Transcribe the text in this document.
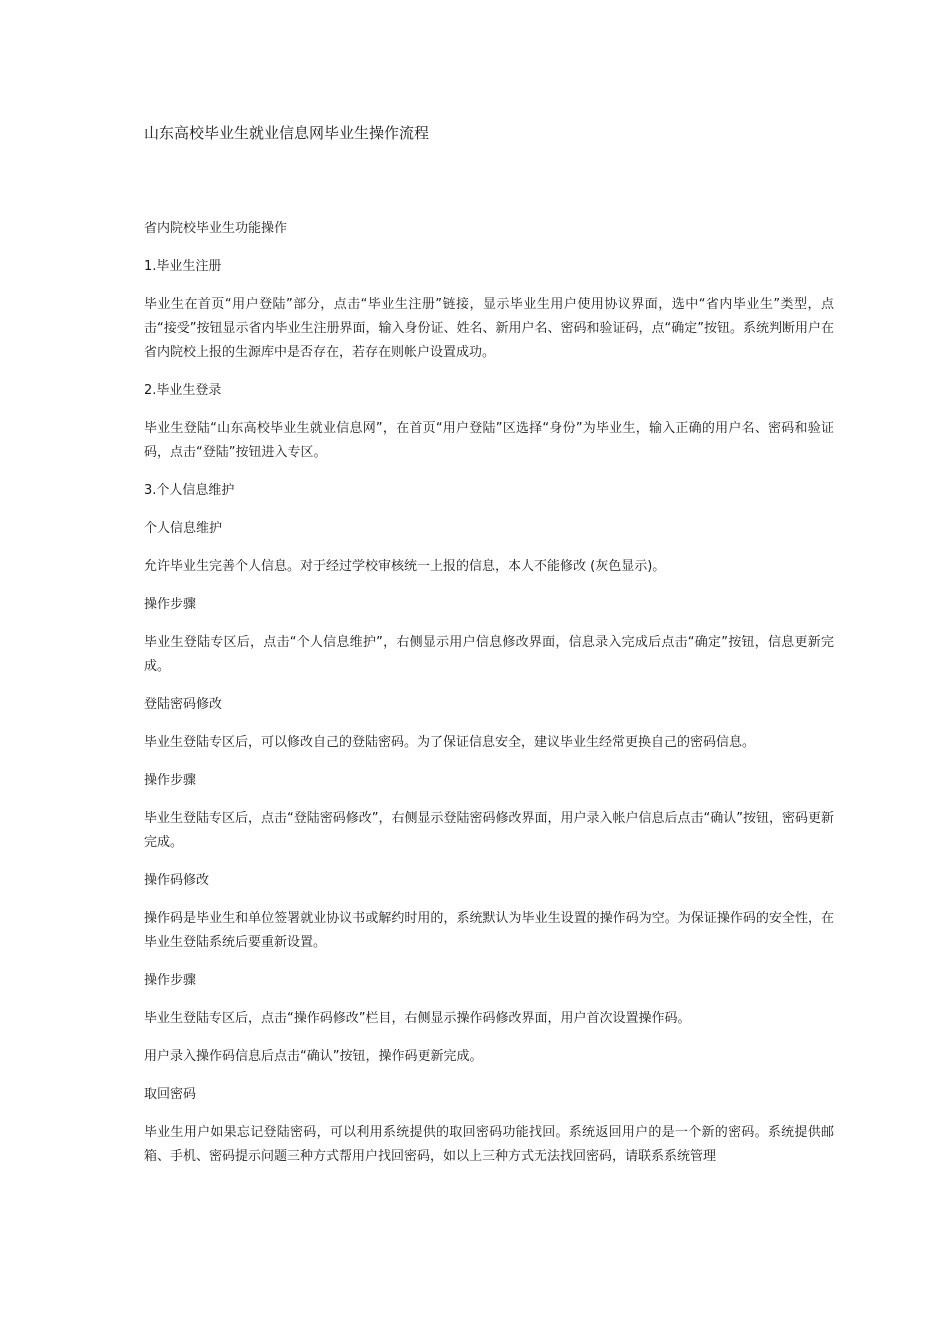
山东高校毕业生就业信息网毕业生操作流程
省内院校毕业生功能操作
1.毕业生注册
毕业生在首页“用户登陆”部分，点击“毕业生注册”链接，显示毕业生用户使用协议界面，选中“省内毕业生”类型，点击“接受”按钮显示省内毕业生注册界面，输入身份证、姓名、新用户名、密码和验证码，点“确定”按钮。系统判断用户在省内院校上报的生源库中是否存在，若存在则帐户设置成功。
2.毕业生登录
毕业生登陆“山东高校毕业生就业信息网”，在首页“用户登陆”区选择“身份”为毕业生，输入正确的用户名、密码和验证码，点击“登陆”按钮进入专区。
3.个人信息维护
个人信息维护
允许毕业生完善个人信息。对于经过学校审核统一上报的信息，本人不能修改 (灰色显示)。
操作步骤
毕业生登陆专区后，点击“个人信息维护”，右侧显示用户信息修改界面，信息录入完成后点击“确定”按钮，信息更新完成。
登陆密码修改
毕业生登陆专区后，可以修改自己的登陆密码。为了保证信息安全，建议毕业生经常更换自己的密码信息。
操作步骤
毕业生登陆专区后，点击“登陆密码修改”，右侧显示登陆密码修改界面，用户录入帐户信息后点击“确认”按钮，密码更新完成。
操作码修改
操作码是毕业生和单位签署就业协议书或解约时用的，系统默认为毕业生设置的操作码为空。为保证操作码的安全性，在毕业生登陆系统后要重新设置。
操作步骤
毕业生登陆专区后，点击“操作码修改”栏目，右侧显示操作码修改界面，用户首次设置操作码。
用户录入操作码信息后点击“确认”按钮，操作码更新完成。
取回密码
毕业生用户如果忘记登陆密码，可以利用系统提供的取回密码功能找回。系统返回用户的是一个新的密码。系统提供邮箱、手机、密码提示问题三种方式帮用户找回密码，如以上三种方式无法找回密码，请联系系统管理
